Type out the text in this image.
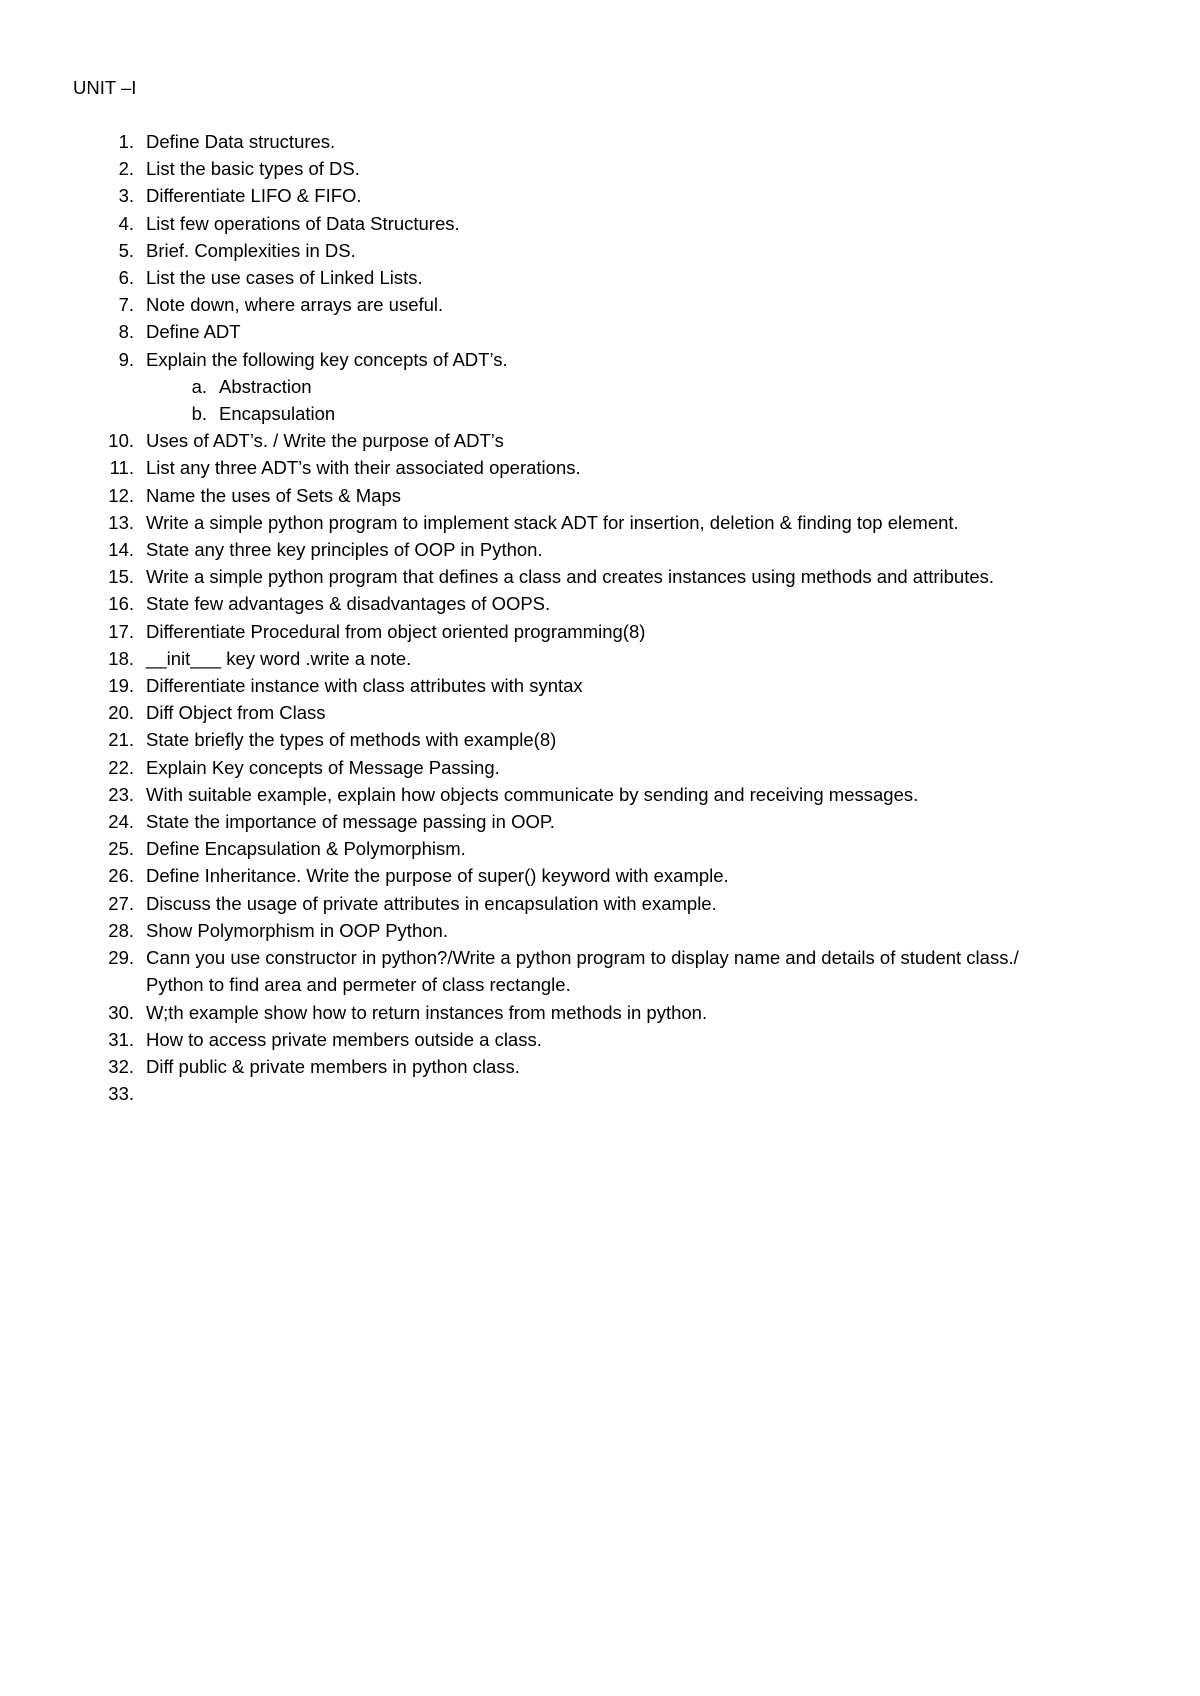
UNIT –I
1. Define Data structures.
2. List the basic types of DS.
3. Differentiate LIFO & FIFO.
4. List few operations of Data Structures.
5. Brief. Complexities in DS.
6. List the use cases of Linked Lists.
7. Note down, where arrays are useful.
8. Define ADT
9. Explain the following key concepts of ADT’s.
a. Abstraction
b. Encapsulation
10. Uses of ADT’s. / Write the purpose of ADT’s
11. List any three ADT’s with their associated operations.
12. Name the uses of Sets & Maps
13. Write a simple python program to implement stack ADT for insertion, deletion & finding top element.
14. State any three key principles of OOP in Python.
15. Write a simple python program that defines a class and creates instances using methods and attributes.
16. State few advantages & disadvantages of OOPS.
17. Differentiate Procedural from object oriented programming(8)
18. __init___ key word .write a note.
19. Differentiate instance with class attributes with syntax
20. Diff Object from Class
21. State briefly the types of methods with example(8)
22. Explain Key concepts of Message Passing.
23. With suitable example, explain how objects communicate by sending and receiving messages.
24. State the importance of message passing in OOP.
25. Define Encapsulation & Polymorphism.
26. Define Inheritance. Write the purpose of super() keyword with example.
27. Discuss the usage of private attributes in encapsulation with example.
28. Show Polymorphism in OOP Python.
29. Cann you use constructor in python?/Write a python program to display name and details of student class./
Python to find area and permeter of class rectangle.
30. W;th example show how to return instances from methods in python.
31. How to access private members outside a class.
32. Diff public & private members in python class.
33.
